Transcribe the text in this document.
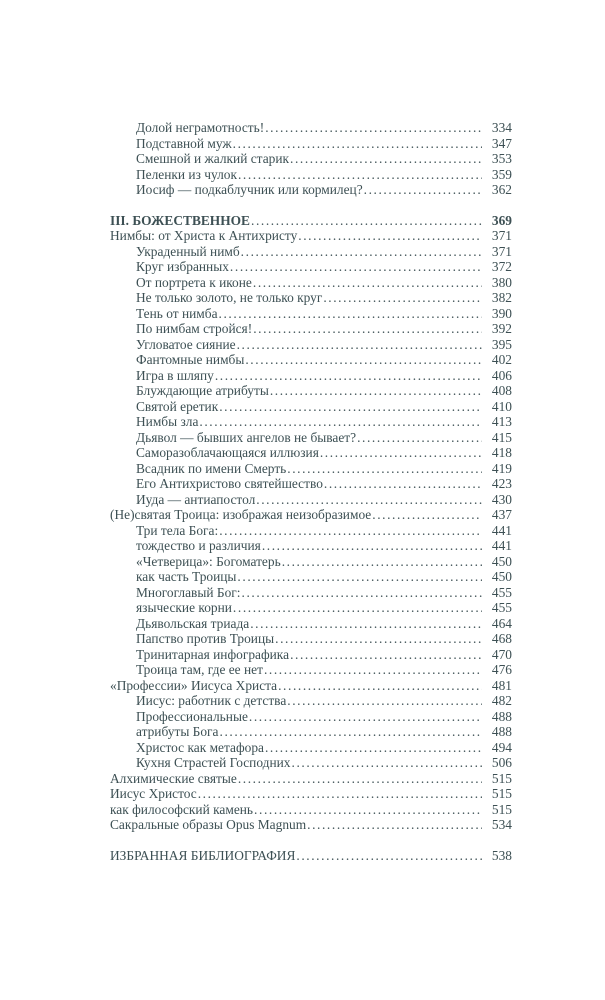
Долой неграмотность! .....	334
Подставной муж .....	347
Смешной и жалкий старик .....	353
Пеленки из чулок .....	359
Иосиф — подкаблучник или кормилец? .....	362
III. БОЖЕСТВЕННОЕ .....	369
Нимбы: от Христа к Антихристу .....	371
Украденный нимб .....	371
Круг избранных .....	372
От портрета к иконе .....	380
Не только золото, не только круг .....	382
Тень от нимба .....	390
По нимбам стройся! .....	392
Угловатое сияние .....	395
Фантомные нимбы .....	402
Игра в шляпу .....	406
Блуждающие атрибуты .....	408
Святой еретик .....	410
Нимбы зла .....	413
Дьявол — бывших ангелов не бывает? .....	415
Саморазоблачающаяся иллюзия .....	418
Всадник по имени Смерть .....	419
Его Антихристово святейшество .....	423
Иуда — антиапостол .....	430
(Не)святая Троица: изображая неизобразимое .....	437
Три тела Бога: .....	441
тождество и различия .....	441
«Четверица»: Богоматерь .....	450
как часть Троицы .....	450
Многоглавый Бог: .....	455
языческие корни .....	455
Дьявольская триада .....	464
Папство против Троицы .....	468
Тринитарная инфографика .....	470
Троица там, где ее нет .....	476
«Профессии» Иисуса Христа .....	481
Иисус: работник с детства .....	482
Профессиональные .....	488
атрибуты Бога .....	488
Христос как метафора .....	494
Кухня Страстей Господних .....	506
Алхимические святые .....	515
Иисус Христос .....	515
как философский камень .....	515
Сакральные образы Opus Magnum .....	534
ИЗБРАННАЯ БИБЛИОГРАФИЯ .....	538
